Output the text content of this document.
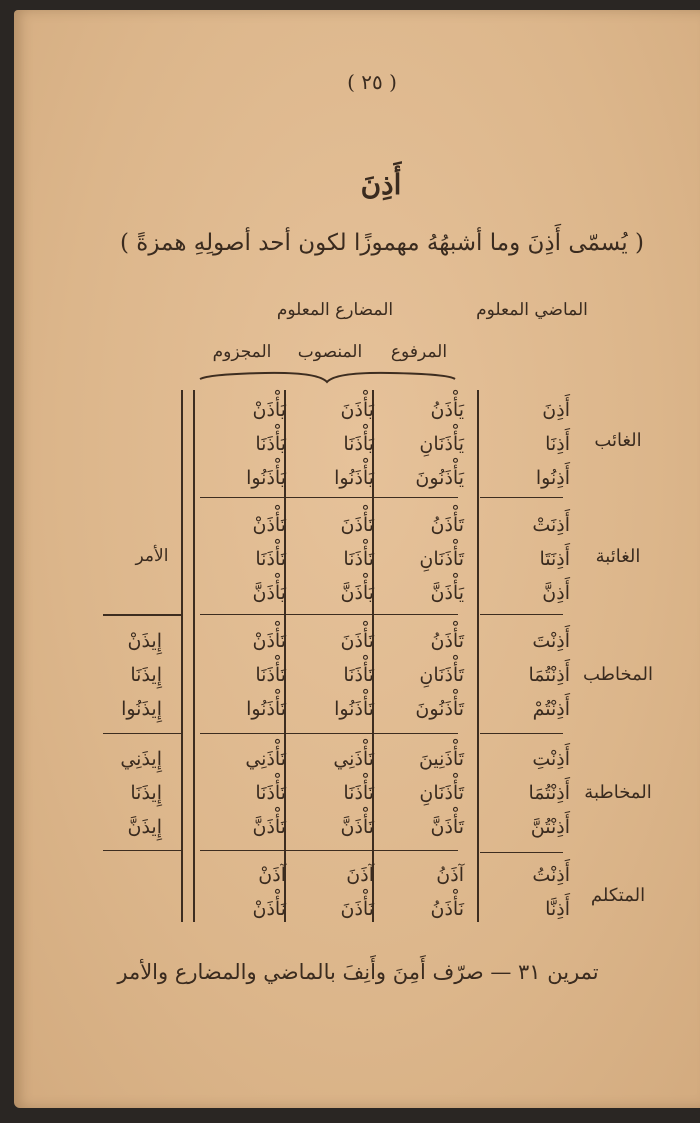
( ٢٥ )
أَذِنَ
( يُسمّى أَذِنَ وما أشبهُهُ مهموزًا لكون أحد أصولِهِ همزةً )
الماضي المعلوم
المضارع المعلوم
المرفوع
المنصوب
المجزوم
الأمر
الغائب
الغائبة
المخاطب
المخاطبة
المتكلم
أَذِنَ
أَذِنَا
أَذِنُوا
يَأْذَنُ
يَأْذَنَانِ
يَأْذَنُونَ
يَأْذَنَ
يَأْذَنَا
يَأْذَنُوا
يَأْذَنْ
يَأْذَنَا
يَأْذَنُوا
أَذِنَتْ
أَذِنَتَا
أَذِنَّ
تَأْذَنُ
تَأْذَنَانِ
يَأْذَنَّ
تَأْذَنَ
تَأْذَنَا
يَأْذَنَّ
تَأْذَنْ
تَأْذَنَا
يَأْذَنَّ
أَذِنْتَ
أَذِنْتُمَا
أَذِنْتُمْ
تَأْذَنُ
تَأْذَنَانِ
تَأْذَنُونَ
تَأْذَنَ
تَأْذَنَا
تَأْذَنُوا
تَأْذَنْ
تَأْذَنَا
تَأْذَنُوا
إِيذَنْ
إِيذَنَا
إِيذَنُوا
أَذِنْتِ
أَذِنْتُمَا
أَذِنْتُنَّ
تَأْذَنِينَ
تَأْذَنَانِ
تَأْذَنَّ
تَأْذَنِي
تَأْذَنَا
تَأْذَنَّ
تَأْذَنِي
تَأْذَنَا
تَأْذَنَّ
إِيذَنِي
إِيذَنَا
إِيذَنَّ
أَذِنْتُ
أَذِنَّا
آذَنُ
نَأْذَنُ
آذَنَ
نَأْذَنَ
آذَنْ
نَأْذَنْ
تمرين ٣١ — صرّف أَمِنَ وأَنِفَ بالماضي والمضارع والأمر
